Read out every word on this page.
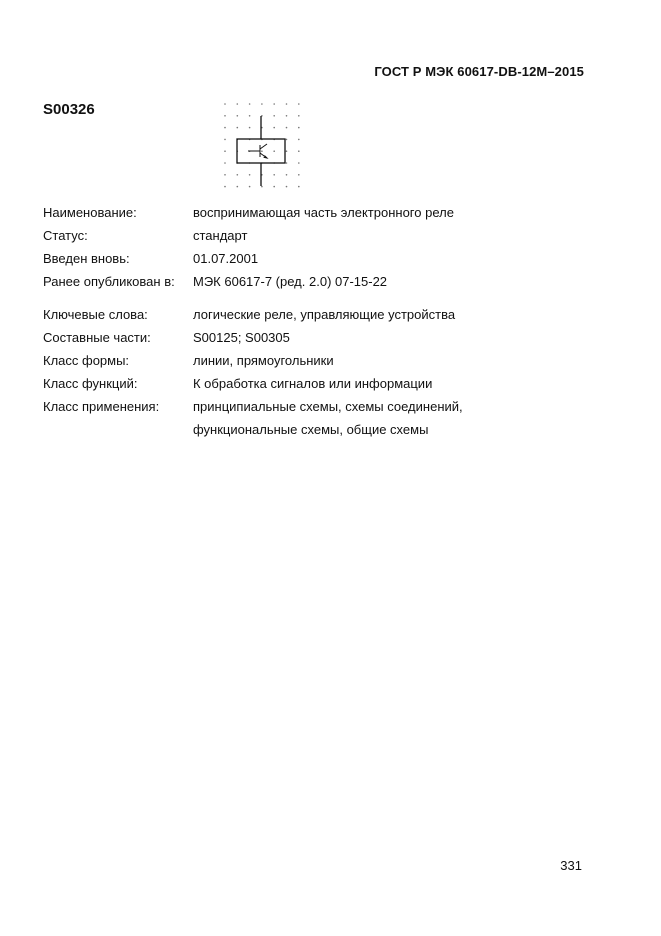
ГОСТ Р МЭК 60617-DB-12M–2015
S00326
Наименование:	воспринимающая часть электронного реле
Статус:	стандарт
Введен вновь:	01.07.2001
Ранее опубликован в: МЭК 60617-7 (ред. 2.0) 07-15-22
Ключевые слова:	логические реле, управляющие устройства
Составные части:	S00125; S00305
Класс формы:	линии, прямоугольники
Класс функций:	К обработка сигналов или информации
Класс применения:	принципиальные схемы, схемы соединений,
функциональные схемы, общие схемы
331
